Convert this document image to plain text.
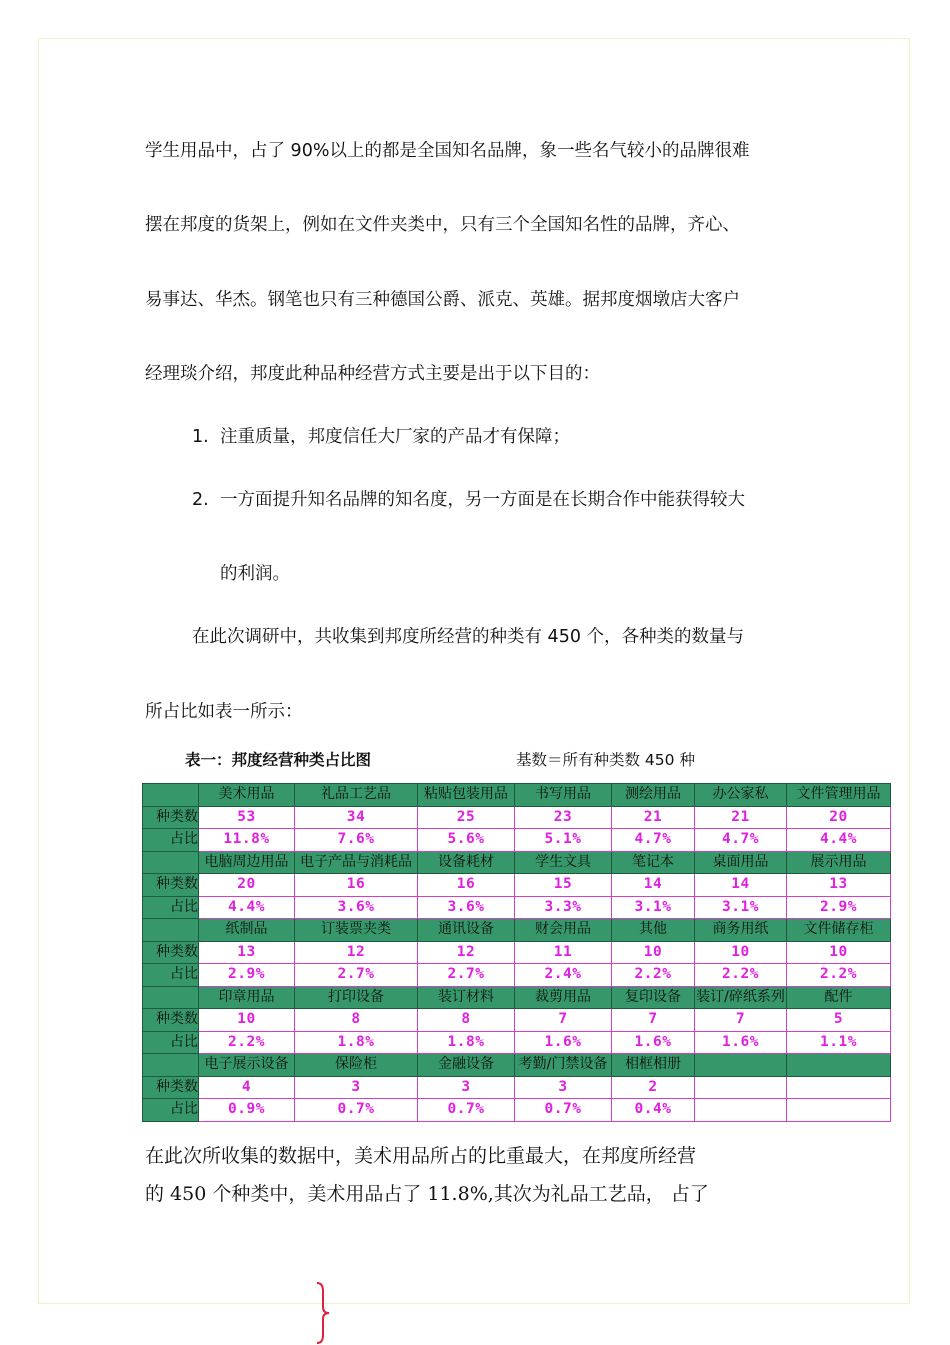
学生用品中，占了 90%以上的都是全国知名品牌，象一些名气较小的品牌很难
摆在邦度的货架上，例如在文件夹类中，只有三个全国知名性的品牌，齐心、
易事达、华杰。钢笔也只有三种德国公爵、派克、英雄。据邦度烟墩店大客户
经理琰介绍，邦度此种品种经营方式主要是出于以下目的：
1. 注重质量，邦度信任大厂家的产品才有保障；
2. 一方面提升知名品牌的知名度，另一方面是在长期合作中能获得较大
的利润。
在此次调研中，共收集到邦度所经营的种类有 450 个，各种类的数量与
所占比如表一所示：
表一：邦度经营种类占比图	基数＝所有种类数 450 种
	美术用品	礼品工艺品	粘贴包装用品	书写用品	测绘用品	办公家私	文件管理用品
种类数	53	34	25	23	21	21	20
占比	11.8%	7.6%	5.6%	5.1%	4.7%	4.7%	4.4%
	电脑周边用品	电子产品与消耗品	设备耗材	学生文具	笔记本	桌面用品	展示用品
种类数	20	16	16	15	14	14	13
占比	4.4%	3.6%	3.6%	3.3%	3.1%	3.1%	2.9%
	纸制品	订装票夹类	通讯设备	财会用品	其他	商务用纸	文件储存柜
种类数	13	12	12	11	10	10	10
占比	2.9%	2.7%	2.7%	2.4%	2.2%	2.2%	2.2%
	印章用品	打印设备	装订材料	裁剪用品	复印设备	装订/碎纸系列	配件
种类数	10	8	8	7	7	7	5
占比	2.2%	1.8%	1.8%	1.6%	1.6%	1.6%	1.1%
	电子展示设备	保险柜	金融设备	考勤/门禁设备	相框相册		
种类数	4	3	3	3	2		
占比	0.9%	0.7%	0.7%	0.7%	0.4%		
在此次所收集的数据中，美术用品所占的比重最大，在邦度所经营
的 450 个种类中，美术用品占了 11.8%,其次为礼品工艺品， 占了
